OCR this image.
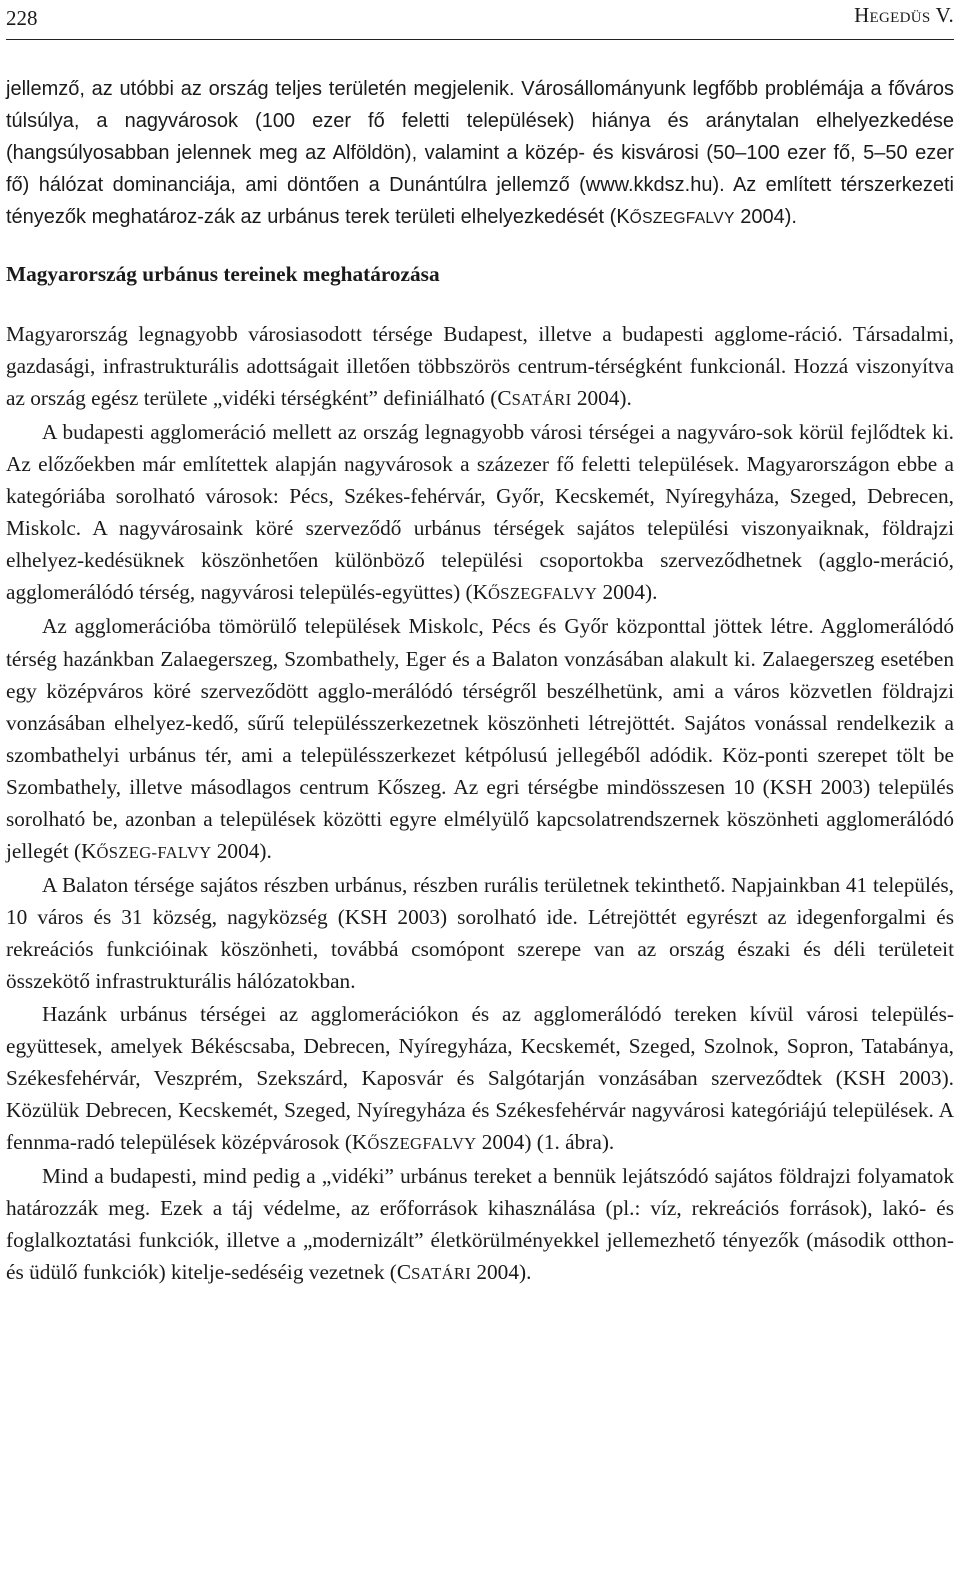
228	HEGEDÜS V.

jellemző, az utóbbi az ország teljes területén megjelenik. Városállományunk legfőbb problémája a főváros túlsúlya, a nagyvárosok (100 ezer fő feletti települések) hiánya és aránytalan elhelyezkedése (hangsúlyosabban jelennek meg az Alföldön), valamint a közép- és kisvárosi (50–100 ezer fő, 5–50 ezer fő) hálózat dominanciája, ami döntően a Dunántúlra jellemző (www.kkdsz.hu). Az említett térszerkezeti tényezők meghatároz-zák az urbánus terek területi elhelyezkedését (KŐSZEGFALVY 2004).

Magyarország urbánus tereinek meghatározása

Magyarország legnagyobb városiasodott térsége Budapest, illetve a budapesti agglome-ráció. Társadalmi, gazdasági, infrastrukturális adottságait illetően többszörös centrum-térségként funkcionál. Hozzá viszonyítva az ország egész területe „vidéki térségként” definiálható (CSATÁRI 2004).

A budapesti agglomeráció mellett az ország legnagyobb városi térségei a nagyváro-sok körül fejlődtek ki. Az előzőekben már említettek alapján nagyvárosok a százezer fő feletti települések. Magyarországon ebbe a kategóriába sorolható városok: Pécs, Székes-fehérvár, Győr, Kecskemét, Nyíregyháza, Szeged, Debrecen, Miskolc. A nagyvárosaink köré szerveződő urbánus térségek sajátos települési viszonyaiknak, földrajzi elhelyez-kedésüknek köszönhetően különböző települési csoportokba szerveződhetnek (agglo-meráció, agglomerálódó térség, nagyvárosi település-együttes) (KŐSZEGFALVY 2004).

Az agglomerációba tömörülő települések Miskolc, Pécs és Győr központtal jöttek létre. Agglomerálódó térség hazánkban Zalaegerszeg, Szombathely, Eger és a Balaton vonzásában alakult ki. Zalaegerszeg esetében egy középváros köré szerveződött agglo-merálódó térségről beszélhetünk, ami a város közvetlen földrajzi vonzásában elhelyez-kedő, sűrű településszerkezetnek köszönheti létrejöttét. Sajátos vonással rendelkezik a szombathelyi urbánus tér, ami a településszerkezet kétpólusú jellegéből adódik. Köz-ponti szerepet tölt be Szombathely, illetve másodlagos centrum Kőszeg. Az egri térségbe mindösszesen 10 (KSH 2003) település sorolható be, azonban a települések közötti egyre elmélyülő kapcsolatrendszernek köszönheti agglomerálódó jellegét (KŐSZEG-FALVY 2004).

A Balaton térsége sajátos részben urbánus, részben rurális területnek tekinthető. Napjainkban 41 település, 10 város és 31 község, nagyközség (KSH 2003) sorolható ide. Létrejöttét egyrészt az idegenforgalmi és rekreációs funkcióinak köszönheti, továbbá csomópont szerepe van az ország északi és déli területeit összekötő infrastrukturális hálózatokban.

Hazánk urbánus térségei az agglomerációkon és az agglomerálódó tereken kívül városi település-együttesek, amelyek Békéscsaba, Debrecen, Nyíregyháza, Kecskemét, Szeged, Szolnok, Sopron, Tatabánya, Székesfehérvár, Veszprém, Szekszárd, Kaposvár és Salgótarján vonzásában szerveződtek (KSH 2003). Közülük Debrecen, Kecskemét, Szeged, Nyíregyháza és Székesfehérvár nagyvárosi kategóriájú települések. A fennma-radó települések középvárosok (KŐSZEGFALVY 2004) (1. ábra).

Mind a budapesti, mind pedig a „vidéki” urbánus tereket a bennük lejátszódó sajátos földrajzi folyamatok határozzák meg. Ezek a táj védelme, az erőforrások kihasználása (pl.: víz, rekreációs források), lakó- és foglalkoztatási funkciók, illetve a „modernizált” életkörülményekkel jellemezhető tényezők (második otthon- és üdülő funkciók) kitelje-sedéséig vezetnek (CSATÁRI 2004).
